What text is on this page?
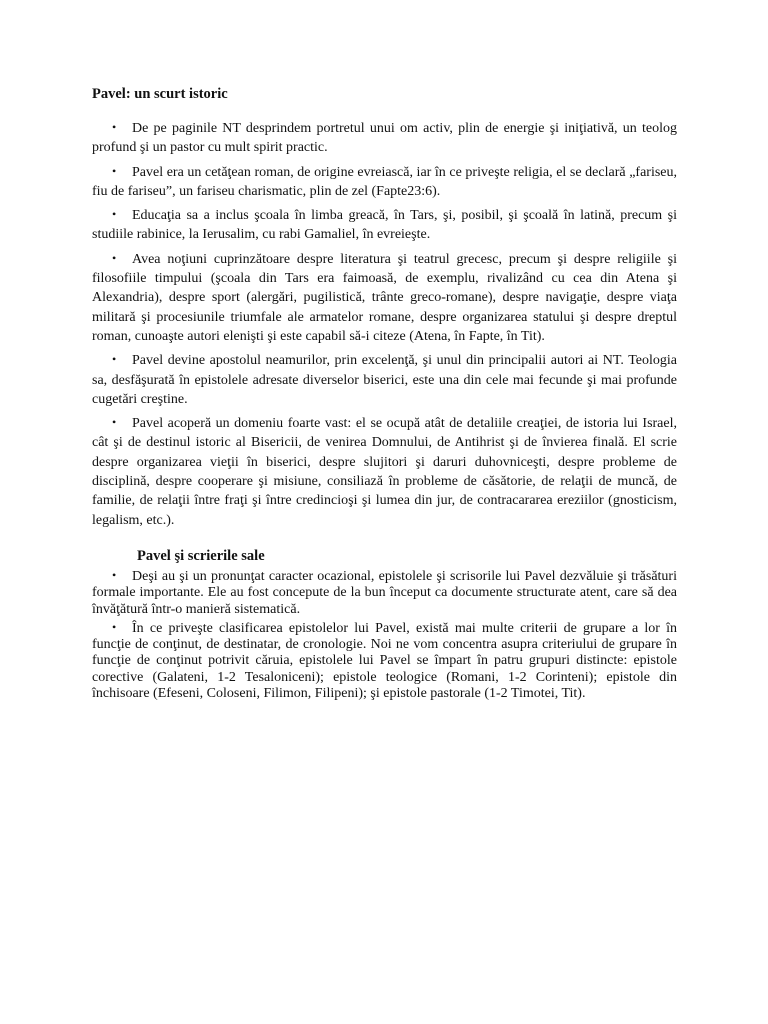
Pavel: un scurt istoric
• De pe paginile NT desprindem portretul unui om activ, plin de energie şi iniţiativă, un teolog profund şi un pastor cu mult spirit practic.
• Pavel era un cetăţean roman, de origine evreiască, iar în ce priveşte religia, el se declară „fariseu, fiu de fariseu”, un fariseu charismatic, plin de zel (Fapte23:6).
• Educaţia sa a inclus şcoala în limba greacă, în Tars, şi, posibil, şi şcoală în latină, precum şi studiile rabinice, la Ierusalim, cu rabi Gamaliel, în evreieşte.
• Avea noţiuni cuprinzătoare despre literatura şi teatrul grecesc, precum şi despre religiile şi filosofiile timpului (şcoala din Tars era faimoasă, de exemplu, rivalizând cu cea din Atena şi Alexandria), despre sport (alergări, pugilistică, trânte greco-romane), despre navigaţie, despre viaţa militară şi procesiunile triumfale ale armatelor romane, despre organizarea statului şi despre dreptul roman, cunoaşte autori elenişti şi este capabil să-i citeze (Atena, în Fapte, în Tit).
• Pavel devine apostolul neamurilor, prin excelenţă, şi unul din principalii autori ai NT. Teologia sa, desfăşurată în epistolele adresate diverselor biserici, este una din cele mai fecunde şi mai profunde cugetări creştine.
• Pavel acoperă un domeniu foarte vast: el se ocupă atât de detaliile creaţiei, de istoria lui Israel, cât şi de destinul istoric al Bisericii, de venirea Domnului, de Antihrist şi de învierea finală. El scrie despre organizarea vieţii în biserici, despre slujitori şi daruri duhovniceşti, despre probleme de disciplină, despre cooperare şi misiune, consiliază în probleme de căsătorie, de relaţii de muncă, de familie, de relaţii între fraţi şi între credincioşi şi lumea din jur, de contracararea ereziilor (gnosticism, legalism, etc.).
Pavel şi scrierile sale
• Deşi au şi un pronunţat caracter ocazional, epistolele şi scrisorile lui Pavel dezvăluie şi trăsături formale importante. Ele au fost concepute de la bun început ca documente structurate atent, care să dea învăţătură într-o manieră sistematică.
• În ce priveşte clasificarea epistolelor lui Pavel, există mai multe criterii de grupare a lor în funcţie de conţinut, de destinatar, de cronologie. Noi ne vom concentra asupra criteriului de grupare în funcţie de conţinut potrivit căruia, epistolele lui Pavel se împart în patru grupuri distincte: epistole corective (Galateni, 1-2 Tesaloniceni); epistole teologice (Romani, 1-2 Corinteni); epistole din închisoare (Efeseni, Coloseni, Filimon, Filipeni); şi epistole pastorale (1-2 Timotei, Tit).
